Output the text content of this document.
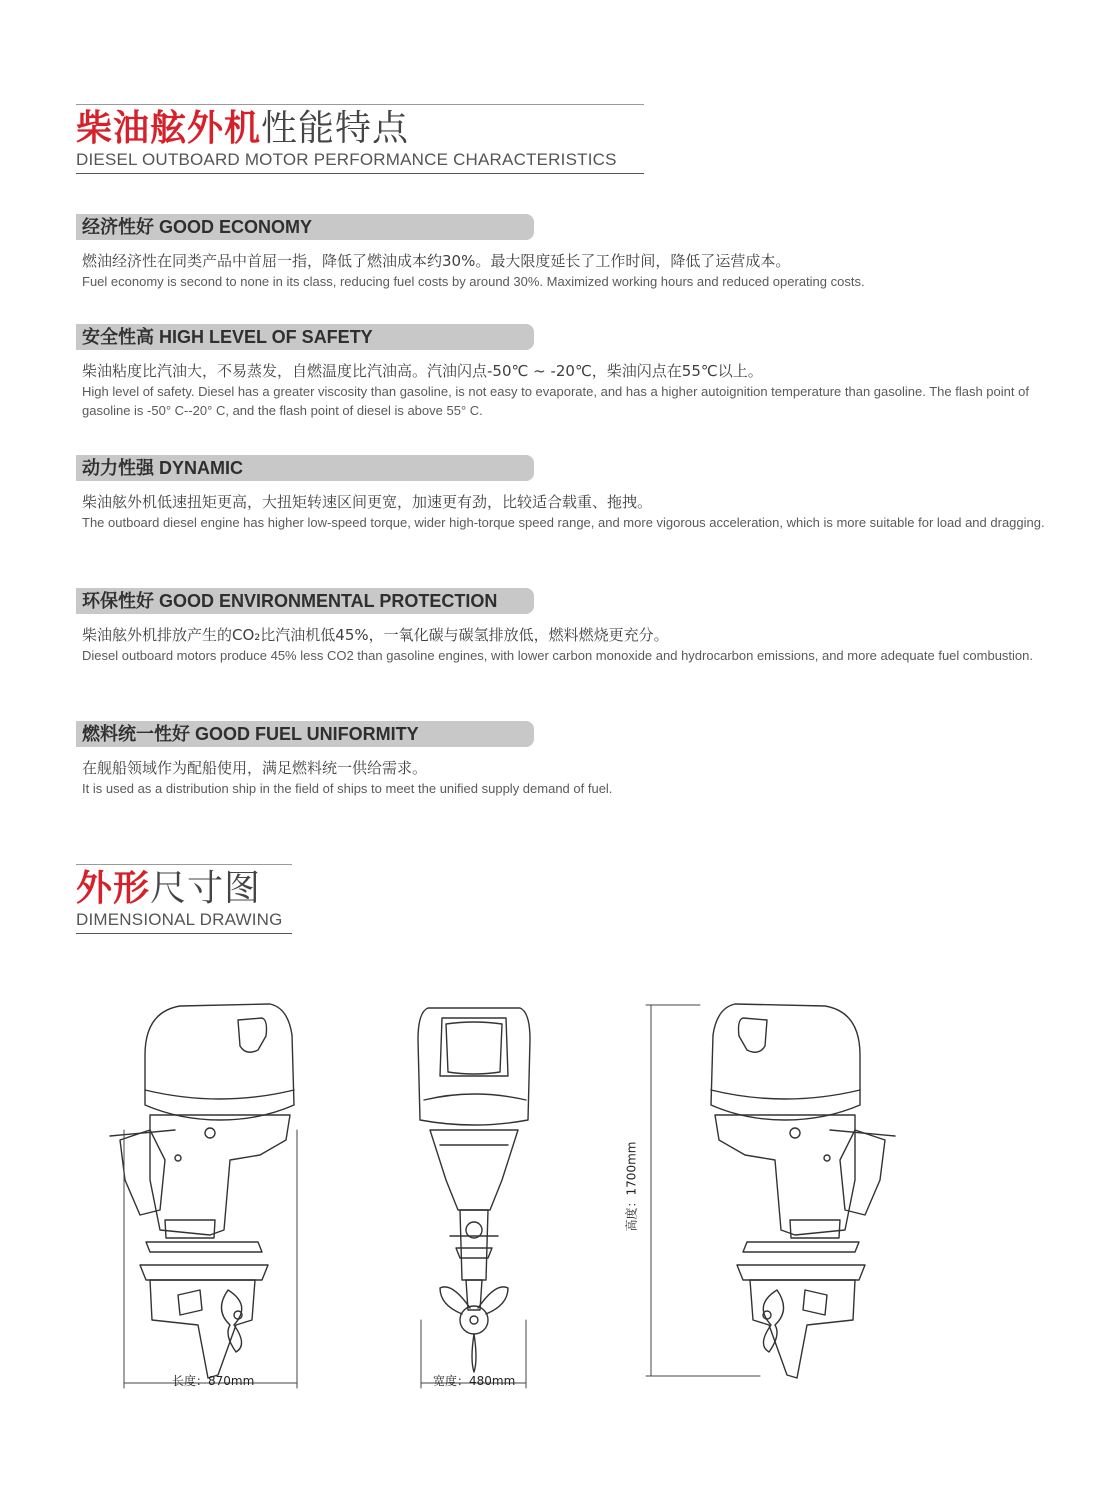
柴油舷外机性能特点
DIESEL OUTBOARD MOTOR PERFORMANCE CHARACTERISTICS
经济性好 GOOD ECONOMY
燃油经济性在同类产品中首屈一指，降低了燃油成本约30%。最大限度延长了工作时间，降低了运营成本。
Fuel economy is second to none in its class, reducing fuel costs by around 30%. Maximized working hours and reduced operating costs.
安全性高 HIGH LEVEL OF SAFETY
柴油粘度比汽油大，不易蒸发，自燃温度比汽油高。汽油闪点-50℃ ~ -20℃，柴油闪点在55℃以上。
High level of safety. Diesel has a greater viscosity than gasoline, is not easy to evaporate, and has a higher autoignition temperature than gasoline. The flash point of gasoline is -50° C--20° C, and the flash point of diesel is above 55° C.
动力性强 DYNAMIC
柴油舷外机低速扭矩更高，大扭矩转速区间更宽，加速更有劲，比较适合载重、拖拽。
The outboard diesel engine has higher low-speed torque, wider high-torque speed range, and more vigorous acceleration, which is more suitable for load and dragging.
环保性好 GOOD ENVIRONMENTAL PROTECTION
柴油舷外机排放产生的CO₂比汽油机低45%，一氧化碳与碳氢排放低，燃料燃烧更充分。
Diesel outboard motors produce 45% less CO2 than gasoline engines, with lower carbon monoxide and hydrocarbon emissions, and more adequate fuel combustion.
燃料统一性好 GOOD FUEL UNIFORMITY
在舰船领域作为配船使用，满足燃料统一供给需求。
It is used as a distribution ship in the field of ships to meet the unified supply demand of fuel.
外形尺寸图
DIMENSIONAL DRAWING
长度：870mm	宽度：480mm
高度：1700mm
